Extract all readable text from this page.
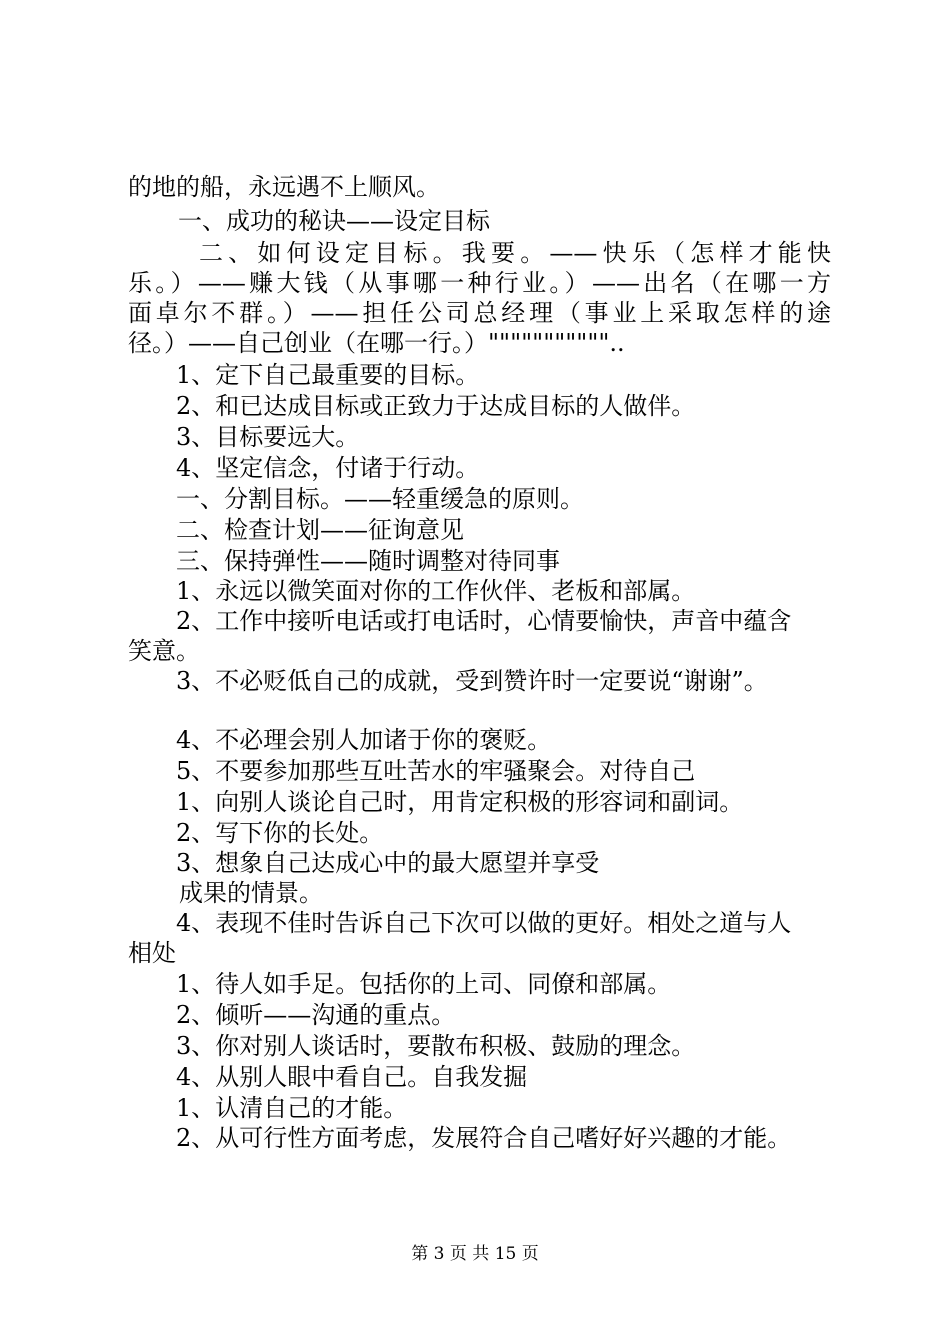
的地的船，永远遇不上顺风。
一、成功的秘诀——设定目标
二、如何设定目标。我要。——快乐（怎样才能快
乐。）——赚大钱（从事哪一种行业。）——出名（在哪一方
面卓尔不群。）——担任公司总经理（事业上采取怎样的途
径。）——自己创业（在哪一行。）"""""""""""..
1、定下自己最重要的目标。
2、和已达成目标或正致力于达成目标的人做伴。
3、目标要远大。
4、坚定信念，付诸于行动。
一、分割目标。——轻重缓急的原则。
二、检查计划——征询意见
三、保持弹性——随时调整对待同事
1、永远以微笑面对你的工作伙伴、老板和部属。
2、工作中接听电话或打电话时，心情要愉快，声音中蕴含
笑意。
3、不必贬低自己的成就，受到赞许时一定要说“谢谢”。
4、不必理会别人加诸于你的褒贬。
5、不要参加那些互吐苦水的牢骚聚会。对待自己
1、向别人谈论自己时，用肯定积极的形容词和副词。
2、写下你的长处。
3、想象自己达成心中的最大愿望并享受
成果的情景。
4、表现不佳时告诉自己下次可以做的更好。相处之道与人
相处
1、待人如手足。包括你的上司、同僚和部属。
2、倾听——沟通的重点。
3、你对别人谈话时，要散布积极、鼓励的理念。
4、从别人眼中看自己。自我发掘
1、认清自己的才能。
2、从可行性方面考虑，发展符合自己嗜好好兴趣的才能。
第 3 页 共 15 页
